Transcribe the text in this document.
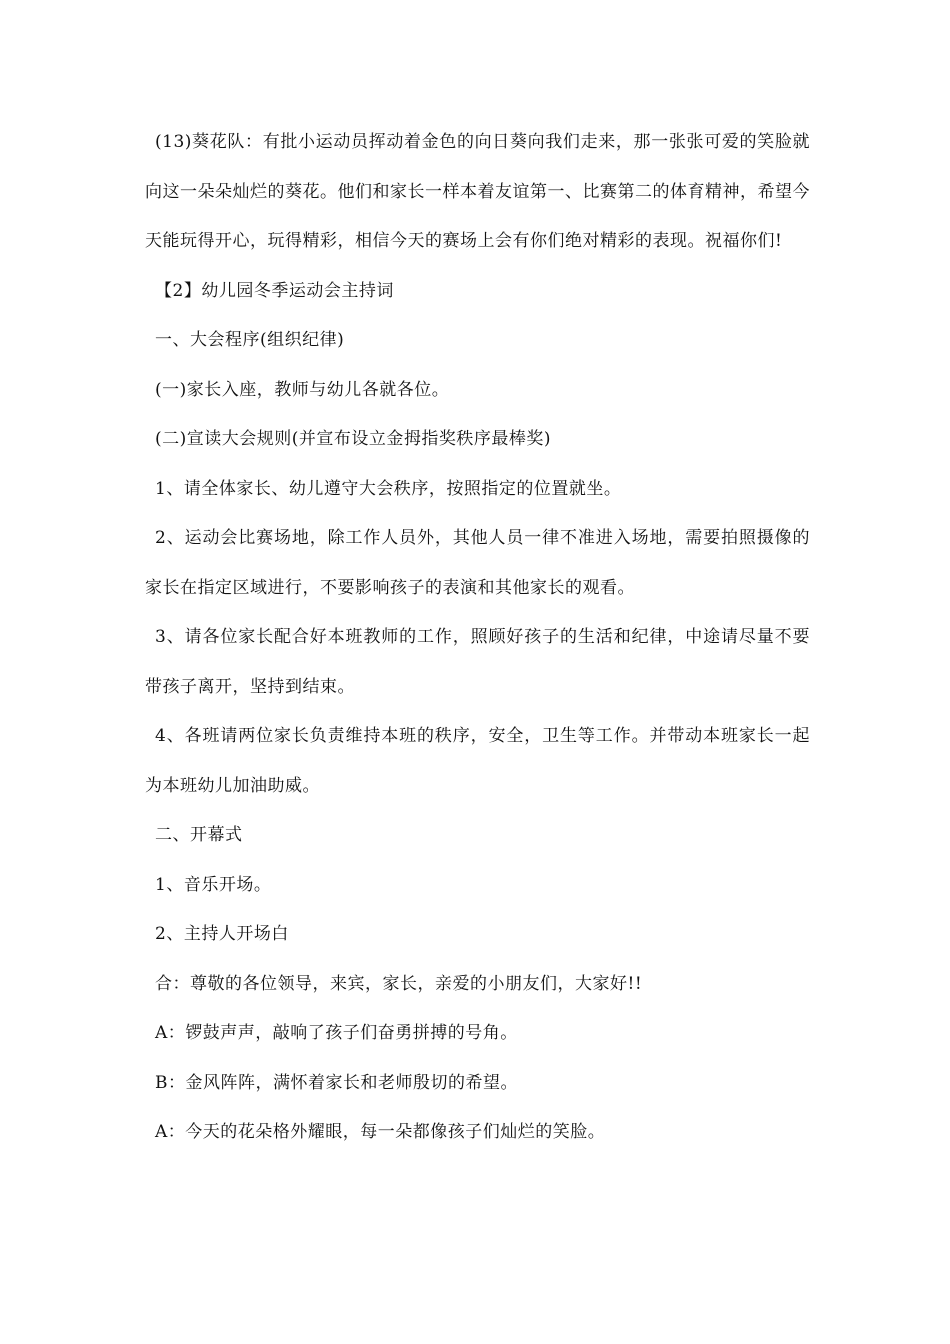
(13)葵花队：有批小运动员挥动着金色的向日葵向我们走来，那一张张可爱的笑脸就向这一朵朵灿烂的葵花。他们和家长一样本着友谊第一、比赛第二的体育精神，希望今天能玩得开心，玩得精彩，相信今天的赛场上会有你们绝对精彩的表现。祝福你们!

【2】幼儿园冬季运动会主持词

一、大会程序(组织纪律)

(一)家长入座，教师与幼儿各就各位。

(二)宣读大会规则(并宣布设立金拇指奖秩序最棒奖)

1、请全体家长、幼儿遵守大会秩序，按照指定的位置就坐。

2、运动会比赛场地，除工作人员外，其他人员一律不准进入场地，需要拍照摄像的家长在指定区域进行，不要影响孩子的表演和其他家长的观看。

3、请各位家长配合好本班教师的工作，照顾好孩子的生活和纪律，中途请尽量不要带孩子离开，坚持到结束。

4、各班请两位家长负责维持本班的秩序，安全，卫生等工作。并带动本班家长一起为本班幼儿加油助威。

二、开幕式

1、音乐开场。

2、主持人开场白

合：尊敬的各位领导，来宾，家长，亲爱的小朋友们，大家好!!

A：锣鼓声声，敲响了孩子们奋勇拼搏的号角。

B：金风阵阵，满怀着家长和老师殷切的希望。

A：今天的花朵格外耀眼，每一朵都像孩子们灿烂的笑脸。
